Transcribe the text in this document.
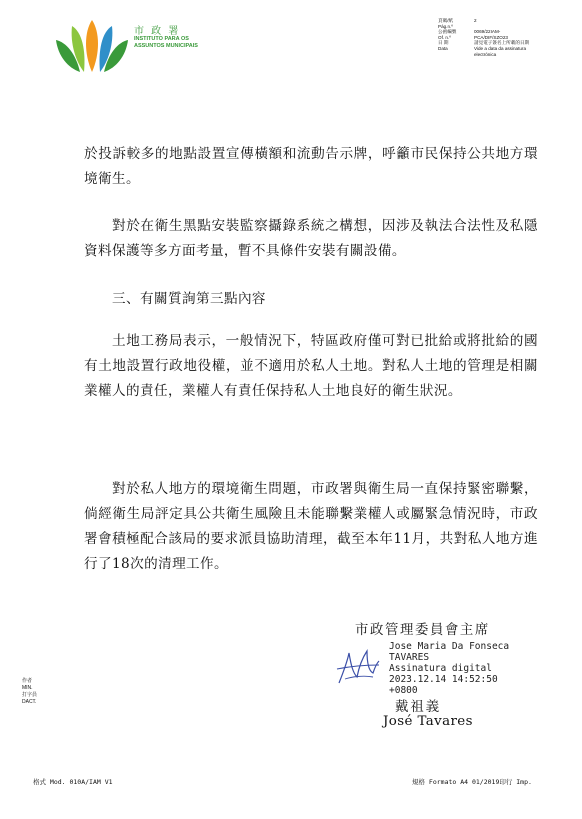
市 政 署
INSTITUTO PARA OS
ASSUNTOS MUNICIPAIS
頁碼/紙	2
Pág.n.º
公函編號	0069/22IAM-
Of. n.º	PCA/DIF/SZO23
日 期	請見電子簽名上所載的日期
Data	Vide a data da assinatura
electrónica
於投訴較多的地點設置宣傳橫額和流動告示牌，呼籲市民保持公共地方環境衛生。
對於在衛生黑點安裝監察攝錄系統之構想，因涉及執法合法性及私隱資料保護等多方面考量，暫不具條件安裝有關設備。
三、有關質詢第三點內容
土地工務局表示，一般情況下，特區政府僅可對已批給或將批給的國有土地設置行政地役權，並不適用於私人土地。對私人土地的管理是相關業權人的責任，業權人有責任保持私人土地良好的衛生狀況。
對於私人地方的環境衛生問題，市政署與衛生局一直保持緊密聯繫，倘經衛生局評定具公共衛生風險且未能聯繫業權人或屬緊急情況時，市政署會積極配合該局的要求派員協助清理，截至本年11月，共對私人地方進行了18次的清理工作。
市政管理委員會主席
Jose Maria Da Fonseca
TAVARES
Assinatura digital
2023.12.14 14:52:50
+0800
戴祖義
José Tavares
作者
MIN.
打字員
DACT.
格式 Mod. 010A/IAM V1	規格 Formato A4 01/2019印行 Imp.
